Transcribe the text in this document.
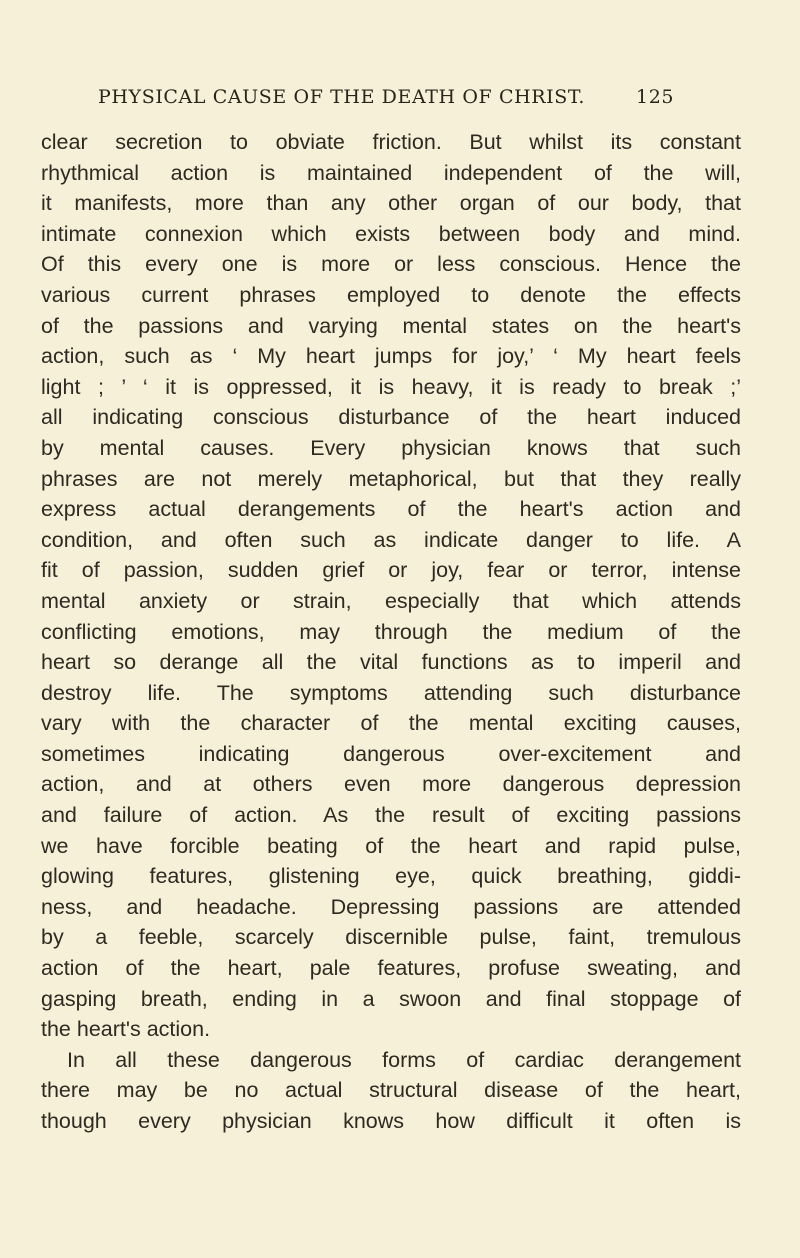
PHYSICAL CAUSE OF THE DEATH OF CHRIST.	125
clear secretion to obviate friction. But whilst its constant
rhythmical action is maintained independent of the will,
it manifests, more than any other organ of our body, that
intimate connexion which exists between body and mind.
Of this every one is more or less conscious. Hence the
various current phrases employed to denote the effects
of the passions and varying mental states on the heart's
action, such as ‘ My heart jumps for joy,’ ‘ My heart feels
light ; ’ ‘ it is oppressed, it is heavy, it is ready to break ;’
all indicating conscious disturbance of the heart induced
by mental causes. Every physician knows that such
phrases are not merely metaphorical, but that they really
express actual derangements of the heart's action and
condition, and often such as indicate danger to life. A
fit of passion, sudden grief or joy, fear or terror, intense
mental anxiety or strain, especially that which attends
conflicting emotions, may through the medium of the
heart so derange all the vital functions as to imperil and
destroy life. The symptoms attending such disturbance
vary with the character of the mental exciting causes,
sometimes indicating dangerous over-excitement and
action, and at others even more dangerous depression
and failure of action. As the result of exciting passions
we have forcible beating of the heart and rapid pulse,
glowing features, glistening eye, quick breathing, giddi-
ness, and headache. Depressing passions are attended
by a feeble, scarcely discernible pulse, faint, tremulous
action of the heart, pale features, profuse sweating, and
gasping breath, ending in a swoon and final stoppage of
the heart's action.
In all these dangerous forms of cardiac derangement
there may be no actual structural disease of the heart,
though every physician knows how difficult it often is
